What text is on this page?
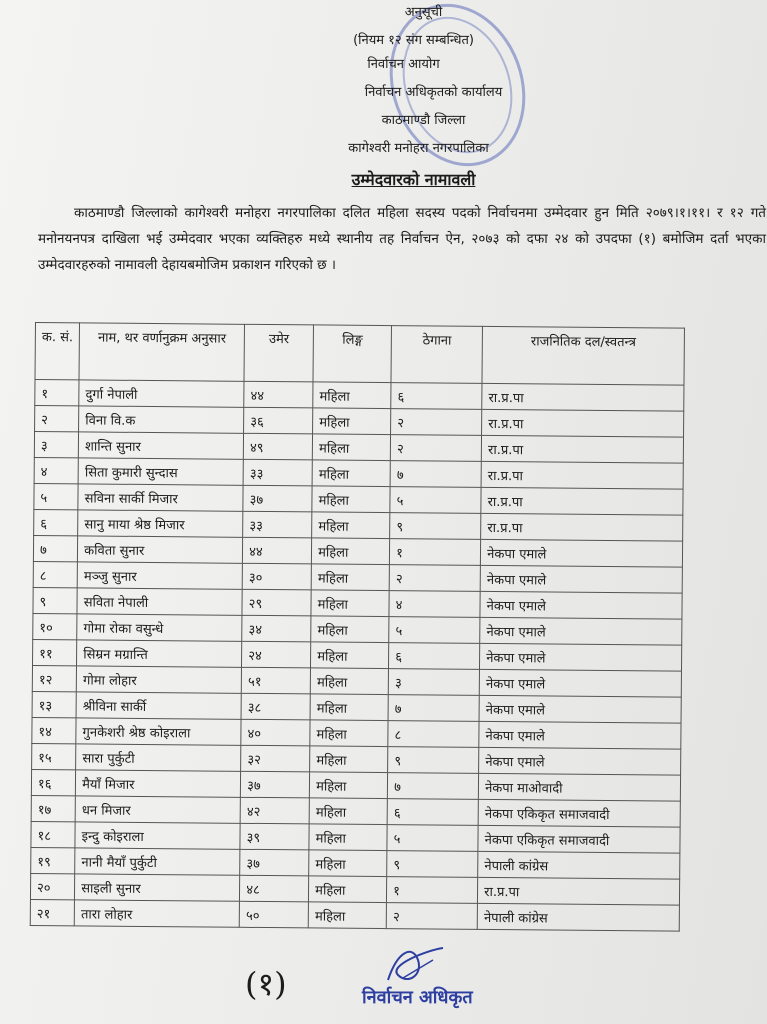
अनुसूची
(नियम १२ संग सम्बन्धित)
निर्वाचन आयोग
निर्वाचन अधिकृतको कार्यालय
काठमाण्डौ जिल्ला
कागेश्वरी मनोहरा नगरपालिका
उम्मेदवारको नामावली
काठमाण्डौ जिल्लाको कागेश्वरी मनोहरा नगरपालिका दलित महिला सदस्य पदको निर्वाचनमा उम्मेदवार हुन मिति २०७९।१।११। र १२ गते मनोनयनपत्र दाखिला भई उम्मेदवार भएका व्यक्तिहरु मध्ये स्थानीय तह निर्वाचन ऐन, २०७३ को दफा २४ को उपदफा (१) बमोजिम दर्ता भएका उम्मेदवारहरुको नामावली देहायबमोजिम प्रकाशन गरिएको छ ।
क. सं.	नाम, थर वर्णानुक्रम अनुसार	उमेर	लिङ्ग	ठेगाना	राजनितिक दल/स्वतन्त्र
१	दुर्गा नेपाली	४४	महिला	६	रा.प्र.पा
२	विना वि.क	३६	महिला	२	रा.प्र.पा
३	शान्ति सुनार	४९	महिला	२	रा.प्र.पा
४	सिता कुमारी सुन्दास	३३	महिला	७	रा.प्र.पा
५	सविना सार्की मिजार	३७	महिला	५	रा.प्र.पा
६	सानु माया श्रेष्ठ मिजार	३३	महिला	९	रा.प्र.पा
७	कविता सुनार	४४	महिला	१	नेकपा एमाले
८	मञ्जु सुनार	३०	महिला	२	नेकपा एमाले
९	सविता नेपाली	२९	महिला	४	नेकपा एमाले
१०	गोमा रोका वसुन्धे	३४	महिला	५	नेकपा एमाले
११	सिम्रन मग्रान्ति	२४	महिला	६	नेकपा एमाले
१२	गोमा लोहार	५१	महिला	३	नेकपा एमाले
१३	श्रीविना सार्की	३८	महिला	७	नेकपा एमाले
१४	गुनकेशरी श्रेष्ठ कोइराला	४०	महिला	८	नेकपा एमाले
१५	सारा पुर्कुटी	३२	महिला	९	नेकपा एमाले
१६	मैयाँ मिजार	३७	महिला	७	नेकपा माओवादी
१७	धन मिजार	४२	महिला	६	नेकपा एकिकृत समाजवादी
१८	इन्दु कोइराला	३९	महिला	५	नेकपा एकिकृत समाजवादी
१९	नानी मैयाँ पुर्कुटी	३७	महिला	९	नेपाली कांग्रेस
२०	साइली सुनार	४८	महिला	१	रा.प्र.पा
२१	तारा लोहार	५०	महिला	२	नेपाली कांग्रेस
(१)	निर्वाचन अधिकृत
